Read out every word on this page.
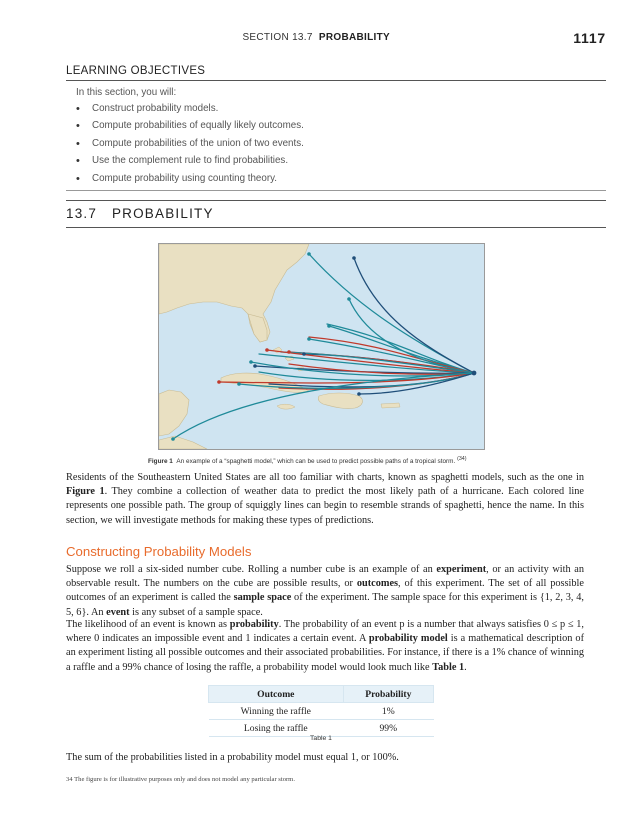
SECTION 13.7 PROBABILITY	1117
LEARNING OBJECTIVES
In this section, you will:
• Construct probability models.
• Compute probabilities of equally likely outcomes.
• Compute probabilities of the union of two events.
• Use the complement rule to find probabilities.
• Compute probability using counting theory.
13.7 PROBABILITY
Figure 1 An example of a “spaghetti model,” which can be used to predict possible paths of a tropical storm. $^{(34)}$

Residents of the Southeastern United States are all too familiar with charts, known as spaghetti models, such as the one in Figure 1. They combine a collection of weather data to predict the most likely path of a hurricane. Each colored line represents one possible path. The group of squiggly lines can begin to resemble strands of spaghetti, hence the name. In this section, we will investigate methods for making these types of predictions.

Constructing Probability Models

Suppose we roll a six-sided number cube. Rolling a number cube is an example of an experiment, or an activity with an observable result. The numbers on the cube are possible results, or outcomes, of this experiment. The set of all possible outcomes of an experiment is called the sample space of the experiment. The sample space for this experiment is {1, 2, 3, 4, 5, 6}. An event is any subset of a sample space.

The likelihood of an event is known as probability. The probability of an event p is a number that always satisfies 0 ≤ p ≤ 1, where 0 indicates an impossible event and 1 indicates a certain event. A probability model is a mathematical description of an experiment listing all possible outcomes and their associated probabilities. For instance, if there is a 1% chance of winning a raffle and a 99% chance of losing the raffle, a probability model would look much like Table 1.

Outcome	Probability
Winning the raffle	1%
Losing the raffle	99%
Table 1

The sum of the probabilities listed in a probability model must equal 1, or 100%.

34 The figure is for illustrative purposes only and does not model any particular storm.
